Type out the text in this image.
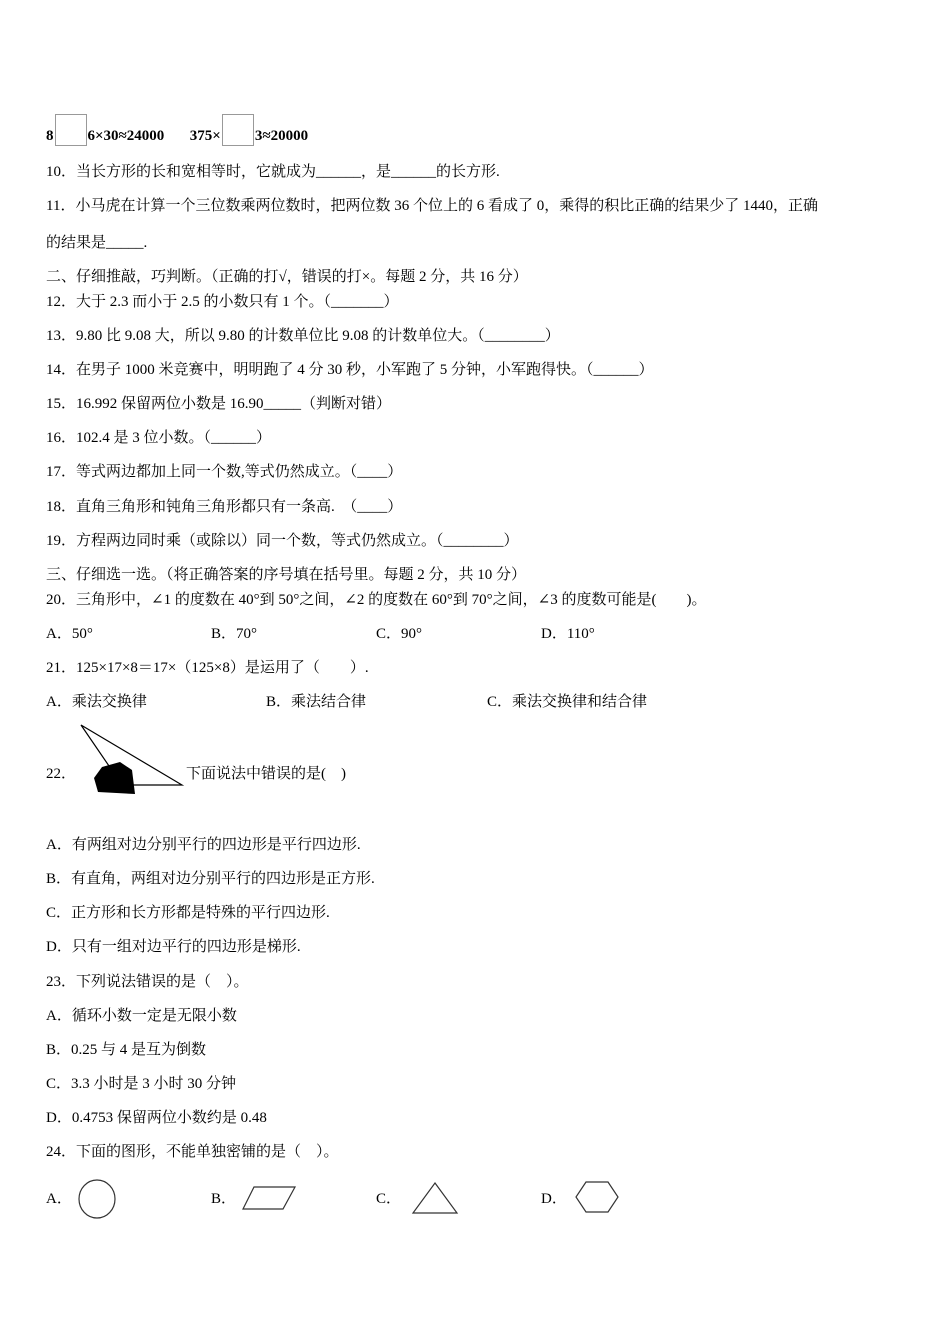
8 6×30≈24000 375× 3≈20000
10．当长方形的长和宽相等时，它就成为______，是______的长方形.
11．小马虎在计算一个三位数乘两位数时，把两位数 36 个位上的 6 看成了 0，乘得的积比正确的结果少了 1440，正确
的结果是_____.
二、仔细推敲，巧判断。（正确的打√，错误的打×。每题 2 分，共 16 分）
12．大于 2.3 而小于 2.5 的小数只有 1 个。（_______）
13．9.80 比 9.08 大，所以 9.80 的计数单位比 9.08 的计数单位大。（________）
14．在男子 1000 米竞赛中，明明跑了 4 分 30 秒，小军跑了 5 分钟，小军跑得快。（______）
15．16.992 保留两位小数是 16.90_____（判断对错）
16．102.4 是 3 位小数。（______）
17．等式两边都加上同一个数,等式仍然成立。（____）
18．直角三角形和钝角三角形都只有一条高.　（____）
19．方程两边同时乘（或除以）同一个数，等式仍然成立。（________）
三、仔细选一选。（将正确答案的序号填在括号里。每题 2 分，共 10 分）
20．三角形中，∠1 的度数在 40°到 50°之间，∠2 的度数在 60°到 70°之间，∠3 的度数可能是(　　)。
A．50°	B．70°	C．90°	D．110°
21．125×17×8＝17×（125×8）是运用了（　　）.
A．乘法交换律	B．乘法结合律	C．乘法交换律和结合律
22．	下面说法中错误的是(　)
A．有两组对边分别平行的四边形是平行四边形.
B．有直角，两组对边分别平行的四边形是正方形.
C．正方形和长方形都是特殊的平行四边形.
D．只有一组对边平行的四边形是梯形.
23．下列说法错误的是（　）。
A．循环小数一定是无限小数
B．0.25 与 4 是互为倒数
C．3.3 小时是 3 小时 30 分钟
D．0.4753 保留两位小数约是 0.48
24．下面的图形，不能单独密铺的是（　）。
A．	B．	C．	D．
